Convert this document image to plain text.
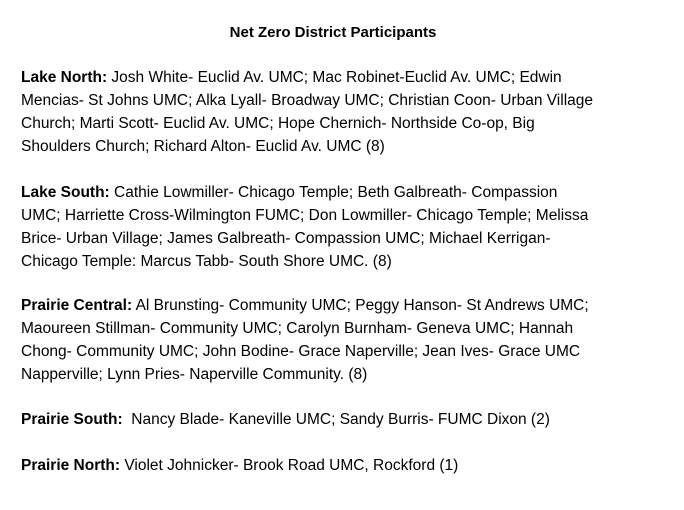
Net Zero District Participants
Lake North: Josh White- Euclid Av. UMC; Mac Robinet-Euclid Av. UMC; Edwin
Mencias- St Johns UMC; Alka Lyall- Broadway UMC; Christian Coon- Urban Village
Church; Marti Scott- Euclid Av. UMC; Hope Chernich- Northside Co-op, Big
Shoulders Church; Richard Alton- Euclid Av. UMC (8)
Lake South: Cathie Lowmiller- Chicago Temple; Beth Galbreath- Compassion
UMC; Harriette Cross-Wilmington FUMC; Don Lowmiller- Chicago Temple; Melissa
Brice- Urban Village; James Galbreath- Compassion UMC; Michael Kerrigan-
Chicago Temple: Marcus Tabb- South Shore UMC. (8)
Prairie Central: Al Brunsting- Community UMC; Peggy Hanson- St Andrews UMC;
Maoureen Stillman- Community UMC; Carolyn Burnham- Geneva UMC; Hannah
Chong- Community UMC; John Bodine- Grace Naperville; Jean Ives- Grace UMC
Napperville; Lynn Pries- Naperville Community. (8)
Prairie South:  Nancy Blade- Kaneville UMC; Sandy Burris- FUMC Dixon (2)
Prairie North: Violet Johnicker- Brook Road UMC, Rockford (1)
